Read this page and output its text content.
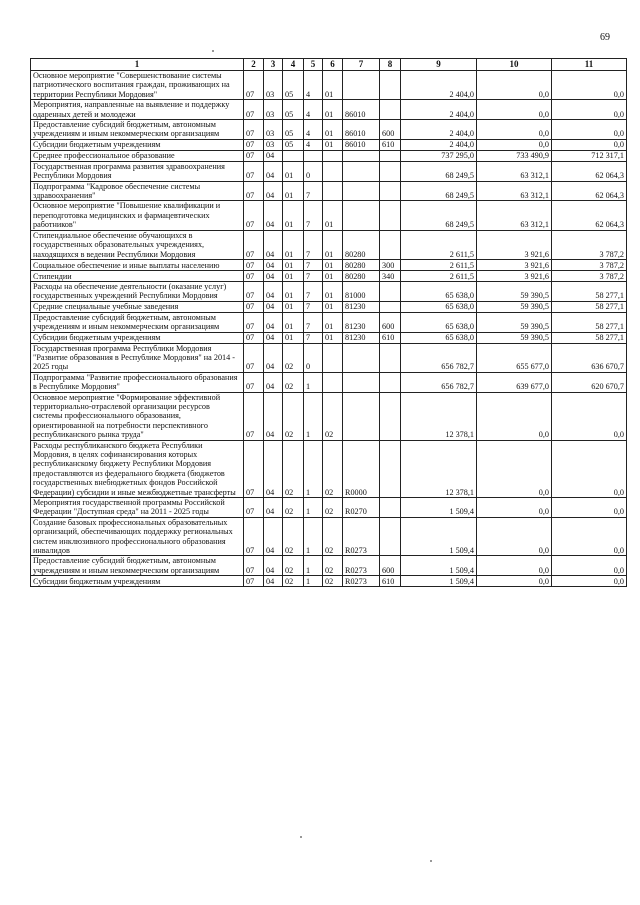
69
1	2	3	4	5	6	7	8	9	10	11
Основное мероприятие "Совершенствование системы патриотического воспитания граждан, проживающих на территории Республики Мордовия"	07	03	05	4	01			2 404,0	0,0	0,0
Мероприятия, направленные на выявление и поддержку одаренных детей и молодежи	07	03	05	4	01	86010		2 404,0	0,0	0,0
Предоставление субсидий бюджетным, автономным учреждениям и иным некоммерческим организациям	07	03	05	4	01	86010	600	2 404,0	0,0	0,0
Субсидии бюджетным учреждениям	07	03	05	4	01	86010	610	2 404,0	0,0	0,0
Среднее профессиональное образование	07	04						737 295,0	733 490,9	712 317,1
Государственная программа развития здравоохранения Республики Мордовия	07	04	01	0				68 249,5	63 312,1	62 064,3
Подпрограмма "Кадровое обеспечение системы здравоохранения"	07	04	01	7				68 249,5	63 312,1	62 064,3
Основное мероприятие "Повышение квалификации и переподготовка медицинских и фармацевтических работников"	07	04	01	7	01			68 249,5	63 312,1	62 064,3
Стипендиальное обеспечение обучающихся в государственных образовательных учреждениях, находящихся в ведении Республики Мордовия	07	04	01	7	01	80280		2 611,5	3 921,6	3 787,2
Социальное обеспечение и иные выплаты населению	07	04	01	7	01	80280	300	2 611,5	3 921,6	3 787,2
Стипендии	07	04	01	7	01	80280	340	2 611,5	3 921,6	3 787,2
Расходы на обеспечение деятельности (оказание услуг) государственных учреждений Республики Мордовия	07	04	01	7	01	81000		65 638,0	59 390,5	58 277,1
Средние специальные учебные заведения	07	04	01	7	01	81230		65 638,0	59 390,5	58 277,1
Предоставление субсидий бюджетным, автономным учреждениям и иным некоммерческим организациям	07	04	01	7	01	81230	600	65 638,0	59 390,5	58 277,1
Субсидии бюджетным учреждениям	07	04	01	7	01	81230	610	65 638,0	59 390,5	58 277,1
Государственная программа Республики Мордовия "Развитие образования в Республике Мордовия" на 2014 - 2025 годы	07	04	02	0				656 782,7	655 677,0	636 670,7
Подпрограмма "Развитие профессионального образования в Республике Мордовия"	07	04	02	1				656 782,7	639 677,0	620 670,7
Основное мероприятие "Формирование эффективной территориально-отраслевой организации ресурсов системы профессионального образования, ориентированной на потребности перспективного республиканского рынка труда"	07	04	02	1	02			12 378,1	0,0	0,0
Расходы республиканского бюджета Республики Мордовия, в целях софинансирования которых республиканскому бюджету Республики Мордовия предоставляются из федерального бюджета (бюджетов государственных внебюджетных фондов Российской Федерации) субсидии и иные межбюджетные трансферты	07	04	02	1	02	R0000		12 378,1	0,0	0,0
Мероприятия государственной программы Российской Федерации "Доступная среда" на 2011 - 2025 годы	07	04	02	1	02	R0270		1 509,4	0,0	0,0
Создание базовых профессиональных образовательных организаций, обеспечивающих поддержку региональных систем инклюзивного профессионального образования инвалидов	07	04	02	1	02	R0273		1 509,4	0,0	0,0
Предоставление субсидий бюджетным, автономным учреждениям и иным некоммерческим организациям	07	04	02	1	02	R0273	600	1 509,4	0,0	0,0
Субсидии бюджетным учреждениям	07	04	02	1	02	R0273	610	1 509,4	0,0	0,0
